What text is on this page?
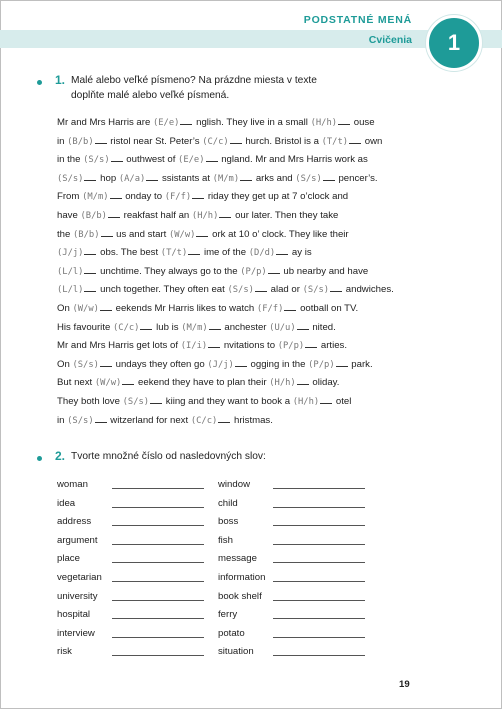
PODSTATNÉ MENÁ
Cvičenia	1
1. Malé alebo veľké písmeno? Na prázdne miesta v texte
doplňte malé alebo veľké písmená.
Mr and Mrs Harris are (E/e) nglish. They live in a small (H/h) ouse
in (B/b) ristol near St. Peter’s (C/c) hurch. Bristol is a (T/t) own
in the (S/s) outhwest of (E/e) ngland. Mr and Mrs Harris work as
(S/s) hop (A/a) ssistants at (M/m) arks and (S/s) pencer’s.
From (M/m) onday to (F/f) riday they get up at 7 o’clock and
have (B/b) reakfast half an (H/h) our later. Then they take
the (B/b) us and start (W/w) ork at 10 o’ clock. They like their
(J/j) obs. The best (T/t) ime of the (D/d) ay is
(L/l) unchtime. They always go to the (P/p) ub nearby and have
(L/l) unch together. They often eat (S/s) alad or (S/s) andwiches.
On (W/w) eekends Mr Harris likes to watch (F/f) ootball on TV.
His favourite (C/c) lub is (M/m) anchester (U/u) nited.
Mr and Mrs Harris get lots of (I/i) nvitations to (P/p) arties.
On (S/s) undays they often go (J/j) ogging in the (P/p) park.
But next (W/w) eekend they have to plan their (H/h) oliday.
They both love (S/s) kiing and they want to book a (H/h) otel
in (S/s) witzerland for next (C/c) hristmas.
2. Tvorte množné číslo od nasledovných slov:
woman
idea
address
argument
place
vegetarian
university
hospital
interview
risk
window
child
boss
fish
message
information
book shelf
ferry
potato
situation
19
